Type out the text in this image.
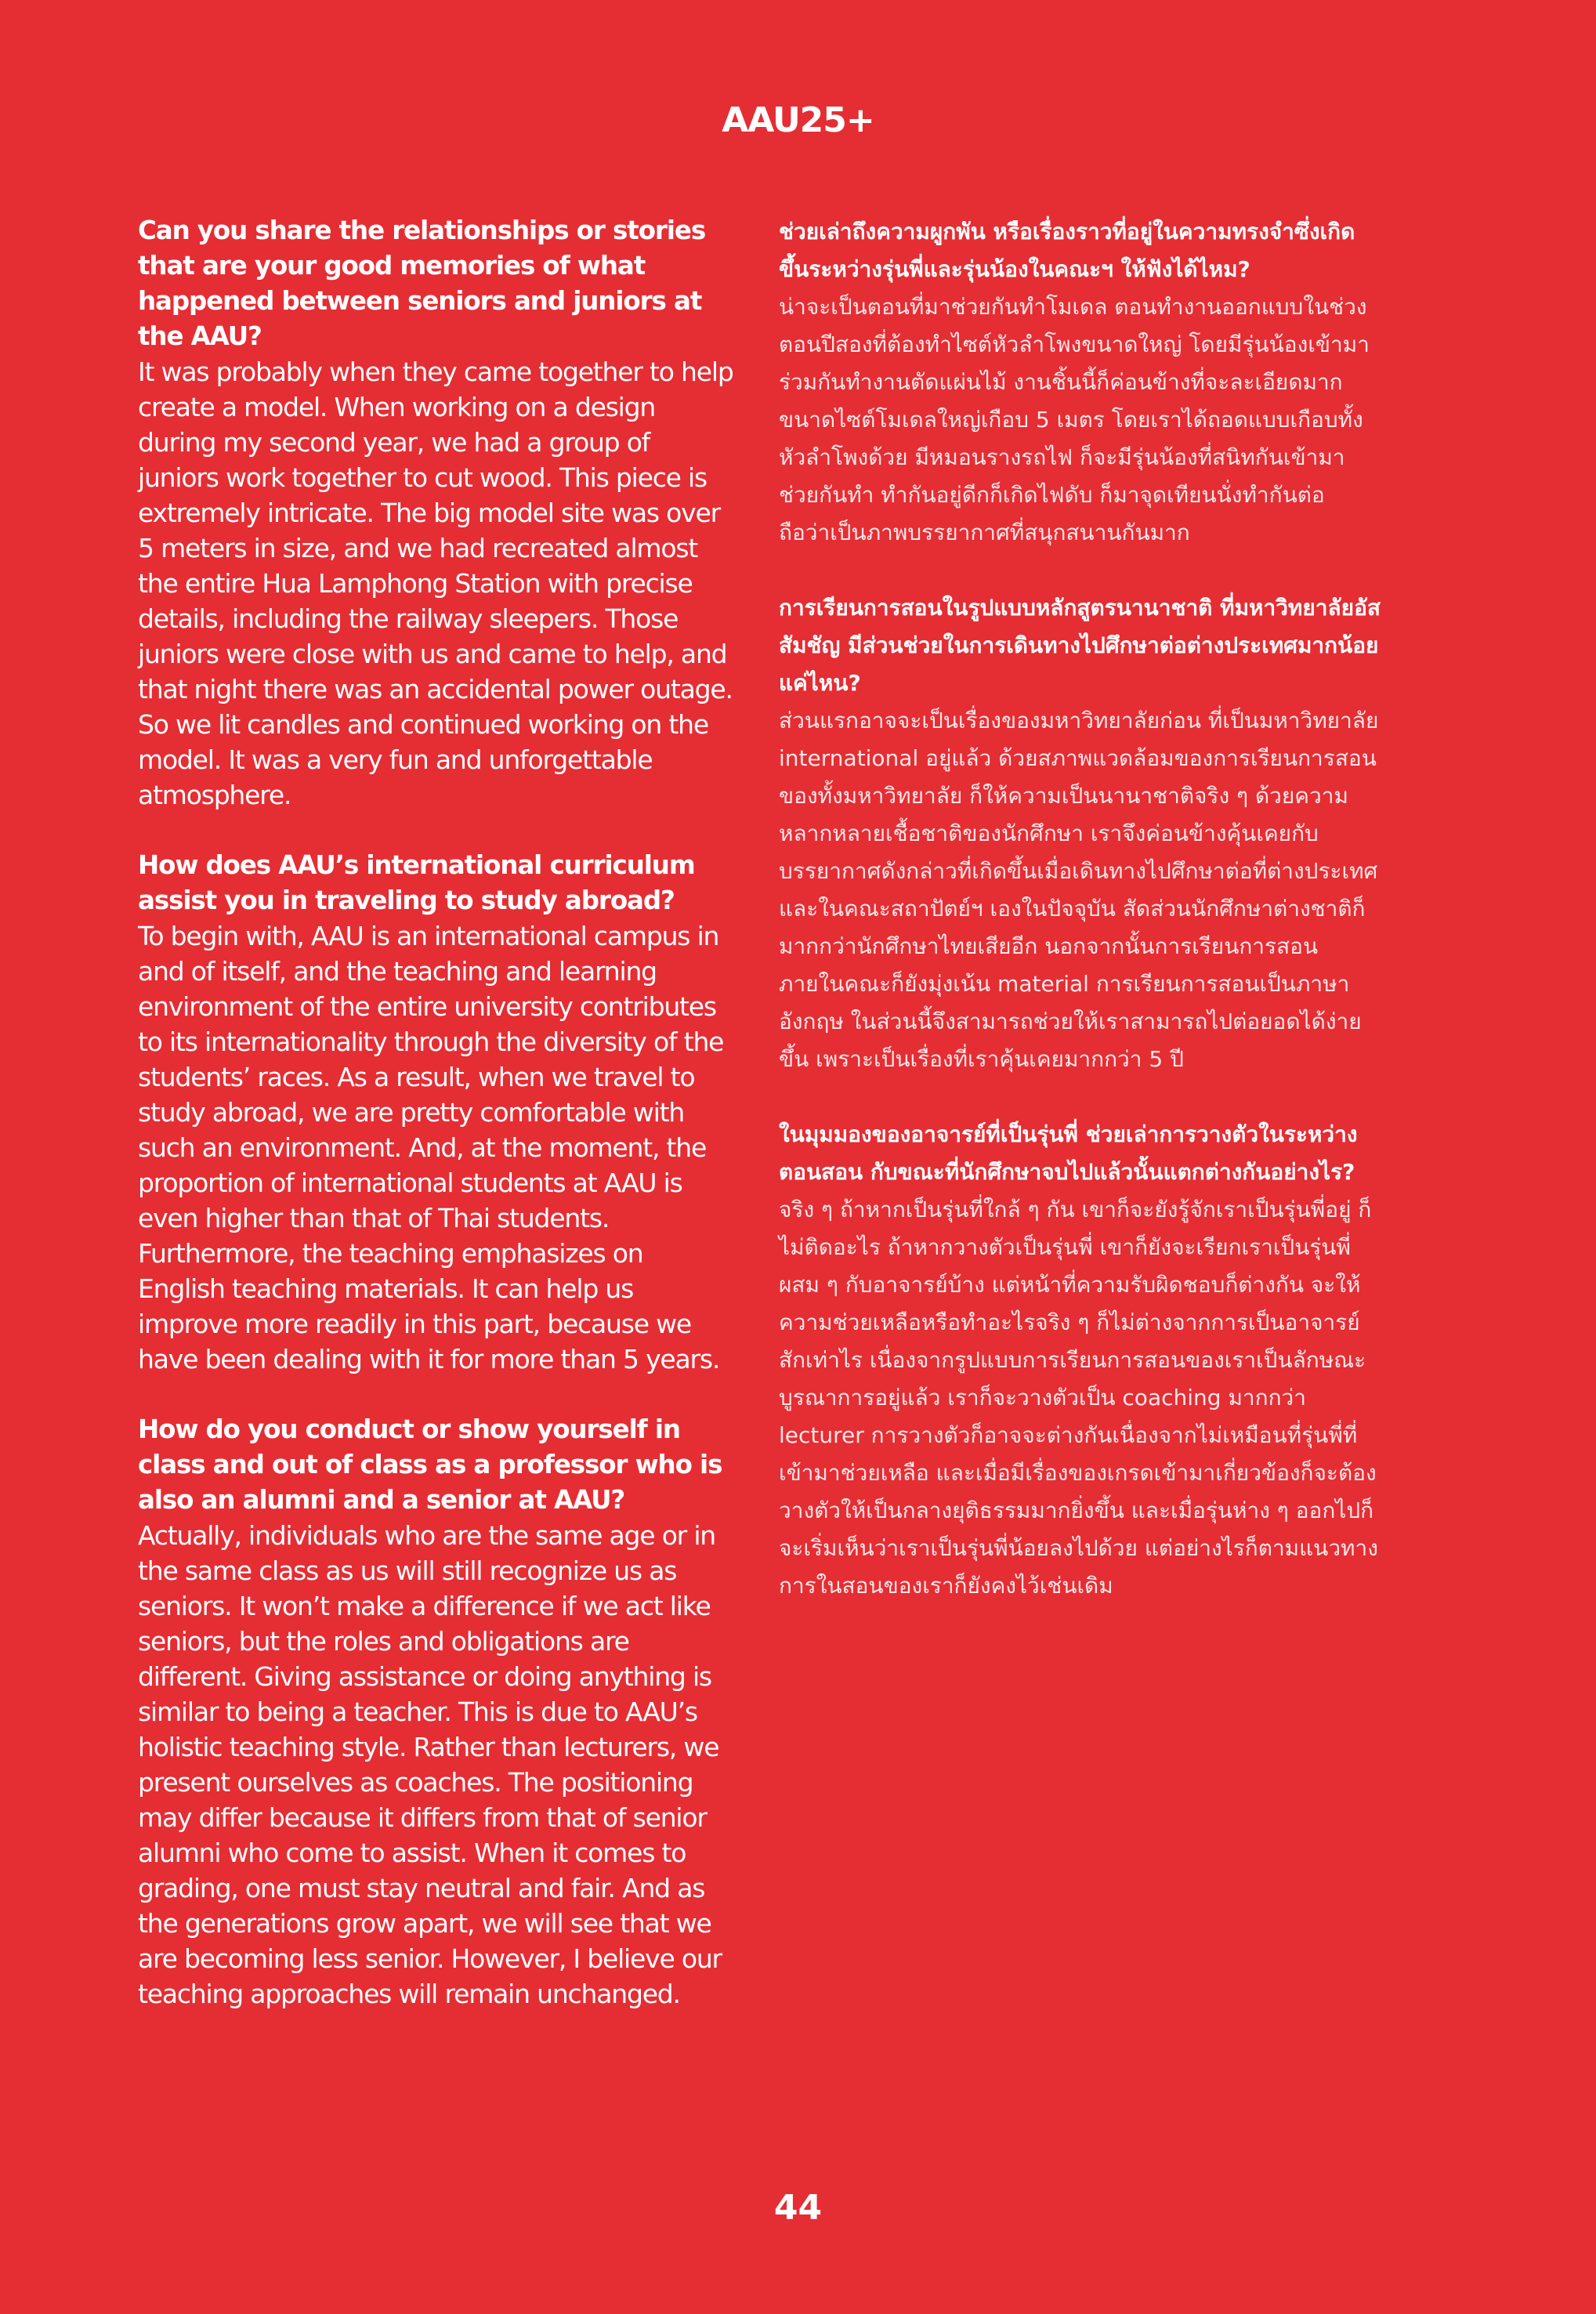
AAU25+

Can you share the relationships or stories that are your good memories of what happened between seniors and juniors at the AAU?

It was probably when they came together to help create a model. When working on a design during my second year, we had a group of juniors work together to cut wood. This piece is extremely intricate. The big model site was over 5 meters in size, and we had recreated almost the entire Hua Lamphong Station with precise details, including the railway sleepers. Those juniors were close with us and came to help, and that night there was an accidental power outage. So we lit candles and continued working on the model. It was a very fun and unforgettable atmosphere.

How does AAU’s international curriculum assist you in traveling to study abroad?

To begin with, AAU is an international campus in and of itself, and the teaching and learning environment of the entire university contributes to its internationality through the diversity of the students’ races. As a result, when we travel to study abroad, we are pretty comfortable with such an environment. And, at the moment, the proportion of international students at AAU is even higher than that of Thai students. Furthermore, the teaching emphasizes on English teaching materials. It can help us improve more readily in this part, because we have been dealing with it for more than 5 years.

How do you conduct or show yourself in class and out of class as a professor who is also an alumni and a senior at AAU?

Actually, individuals who are the same age or in the same class as us will still recognize us as seniors. It won’t make a difference if we act like seniors, but the roles and obligations are different. Giving assistance or doing anything is similar to being a teacher. This is due to AAU’s holistic teaching style. Rather than lecturers, we present ourselves as coaches. The positioning may differ because it differs from that of senior alumni who come to assist. When it comes to grading, one must stay neutral and fair. And as the generations grow apart, we will see that we are becoming less senior. However, I believe our teaching approaches will remain unchanged.

ช่วยเล่าถึงความผูกพัน หรือเรื่องราวที่อยู่ในความทรงจำซึ่งเกิดขึ้นระหว่างรุ่นพี่และรุ่นน้องในคณะฯ ให้ฟังได้ไหม?

น่าจะเป็นตอนที่มาช่วยกันทำโมเดล ตอนทำงานออกแบบในช่วงตอนปีสองที่ต้องทำไซต์หัวลำโพงขนาดใหญ่ โดยมีรุ่นน้องเข้ามาร่วมกันทำงานตัดแผ่นไม้ งานชิ้นนี้ก็ค่อนข้างที่จะละเอียดมาก ขนาดไซต์โมเดลใหญ่เกือบ 5 เมตร โดยเราได้ถอดแบบเกือบทั้งหัวลำโพงด้วย มีหมอนรางรถไฟ ก็จะมีรุ่นน้องที่สนิทกันเข้ามาช่วยกันทำ ทำกันอยู่ดีกก็เกิดไฟดับ ก็มาจุดเทียนนั่งทำกันต่อ ถือว่าเป็นภาพบรรยากาศที่สนุกสนานกันมาก

การเรียนการสอนในรูปแบบหลักสูตรนานาชาติ ที่มหาวิทยาลัยอัสสัมชัญ มีส่วนช่วยในการเดินทางไปศึกษาต่อต่างประเทศมากน้อยแค่ไหน?

ส่วนแรกอาจจะเป็นเรื่องของมหาวิทยาลัยก่อน ที่เป็นมหาวิทยาลัย international อยู่แล้ว ด้วยสภาพแวดล้อมของการเรียนการสอนของทั้งมหาวิทยาลัย ก็ให้ความเป็นนานาชาติจริง ๆ ด้วยความหลากหลายเชื้อชาติของนักศึกษา เราจึงค่อนข้างคุ้นเคยกับบรรยากาศดังกล่าวที่เกิดขึ้นเมื่อเดินทางไปศึกษาต่อที่ต่างประเทศ และในคณะสถาปัตย์ฯ เองในปัจจุบัน สัดส่วนนักศึกษาต่างชาติก็มากกว่านักศึกษาไทยเสียอีก นอกจากนั้นการเรียนการสอนภายในคณะก็ยังมุ่งเน้น material การเรียนการสอนเป็นภาษาอังกฤษ ในส่วนนี้จึงสามารถช่วยให้เราสามารถไปต่อยอดได้ง่ายขึ้น เพราะเป็นเรื่องที่เราคุ้นเคยมากกว่า 5 ปี

ในมุมมองของอาจารย์ที่เป็นรุ่นพี่ ช่วยเล่าการวางตัวในระหว่างตอนสอน กับขณะที่นักศึกษาจบไปแล้วนั้นแตกต่างกันอย่างไร?

จริง ๆ ถ้าหากเป็นรุ่นที่ใกล้ ๆ กัน เขาก็จะยังรู้จักเราเป็นรุ่นพี่อยู่ ก็ไม่ติดอะไร ถ้าหากวางตัวเป็นรุ่นพี่ เขาก็ยังจะเรียกเราเป็นรุ่นพี่ผสม ๆ กับอาจารย์บ้าง แต่หน้าที่ความรับผิดชอบก็ต่างกัน จะให้ความช่วยเหลือหรือทำอะไรจริง ๆ ก็ไม่ต่างจากการเป็นอาจารย์สักเท่าไร เนื่องจากรูปแบบการเรียนการสอนของเราเป็นลักษณะบูรณาการอยู่แล้ว เราก็จะวางตัวเป็น coaching มากกว่า lecturer การวางตัวก็อาจจะต่างกันเนื่องจากไม่เหมือนที่รุ่นพี่ที่เข้ามาช่วยเหลือ และเมื่อมีเรื่องของเกรดเข้ามาเกี่ยวข้องก็จะต้องวางตัวให้เป็นกลางยุติธรรมมากยิ่งขึ้น และเมื่อรุ่นห่าง ๆ ออกไปก็จะเริ่มเห็นว่าเราเป็นรุ่นพี่น้อยลงไปด้วย แต่อย่างไรก็ตามแนวทางการในสอนของเราก็ยังคงไว้เช่นเดิม

44
